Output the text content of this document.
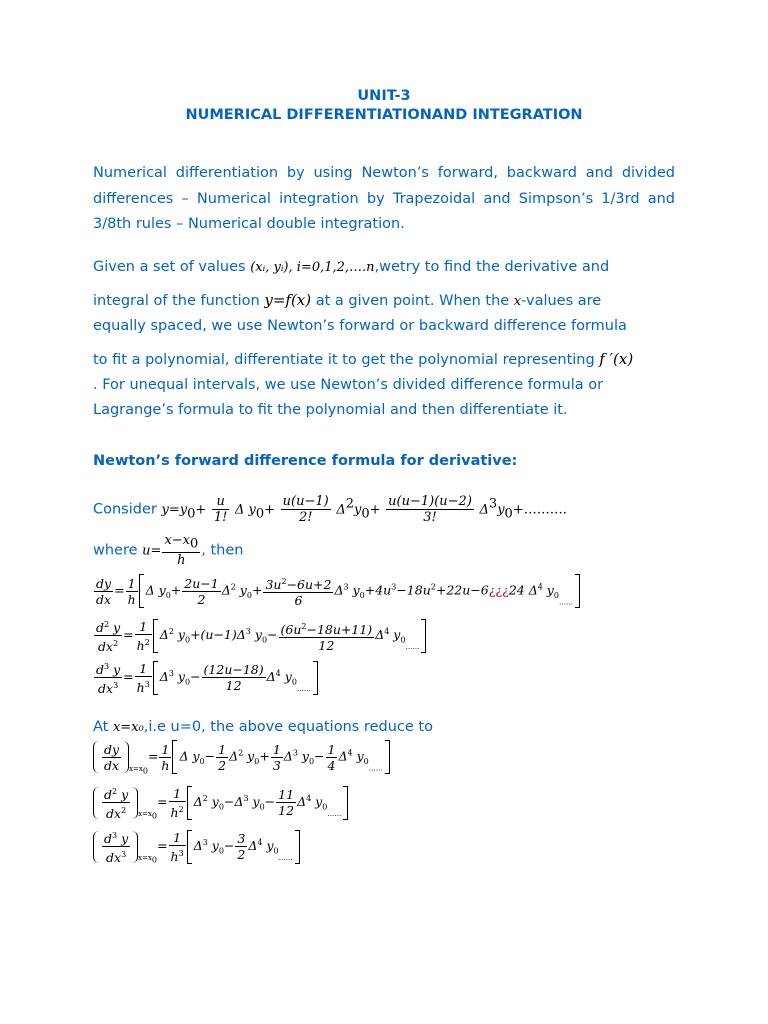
UNIT-3
NUMERICAL DIFFERENTIATIONAND INTEGRATION
Numerical differentiation by using Newton’s forward, backward and divided differences – Numerical integration by Trapezoidal and Simpson’s 1/3rd and 3/8th rules – Numerical double integration.
Given a set of values (xᵢ, yᵢ), i=0,1,2,….n,wetry to find the derivative and
integral of the function y=f(x) at a given point. When the x-values are
equally spaced, we use Newton’s forward or backward difference formula
to fit a polynomial, differentiate it to get the polynomial representing f ′(x)
. For unequal intervals, we use Newton’s divided difference formula or
Lagrange’s formula to fit the polynomial and then differentiate it.
Newton’s forward difference formula for derivative:
Consider $y=y_0+ \frac{u}{1!}$ Δ $y_0+ \frac{u(u-1)}{2!} \Delta^2y_0+ \frac{u(u-1)(u-2)}{3!}$ $\Delta^3y_0+\dots\dots\dots$.
where $u= \frac{x-x_0}{h}$ , then
$\frac{dy}{dx} = \frac{1}{h}$ Δ $y_0+ \frac{2u-1}{2} \Delta^2$ $y_0+ \frac{3u^2-6u+2}{6} \Delta^3$ $y_0+4u^3-18u^2+22u-6¿¿¿24$ $\Delta^4$ $y_{0\dots\dots}$
$\frac{d^2 y}{dx^2} = \frac{1}{h^2} \Delta^2$ $y_0+(u-1)\Delta^3$ $y_0- \frac{(6u^2-18u+11)}{12} \Delta^4$ $y_{0\dots\dots}$
$\frac{d^3 y}{dx^3} = \frac{1}{h^3} \Delta^3$ $y_0- \frac{(12u-18)}{12} \Delta^4$ $y_{0\dots\dots}$
At x=x₀,i.e u=0, the above equations reduce to
$\frac{dy}{dx} _{x=x_0}= \frac{1}{h}$ Δ $y_0- \frac{1}{2} \Delta^2$ $y_0+ \frac{1}{3} \Delta^3$ $y_0- \frac{1}{4} \Delta^4$ $y_{0\dots\dots}$
$\frac{d^2 y}{dx^2} _{x=x_0}= \frac{1}{h^2} \Delta^2$ $y_0-\Delta^3$ $y_0- \frac{11}{12} \Delta^4$ $y_{0\dots\dots}$
$\frac{d^3 y}{dx^3} _{x=x_0}= \frac{1}{h^3} \Delta^3$ $y_0- \frac{3}{2} \Delta^4$ $y_{0\dots\dots}$
